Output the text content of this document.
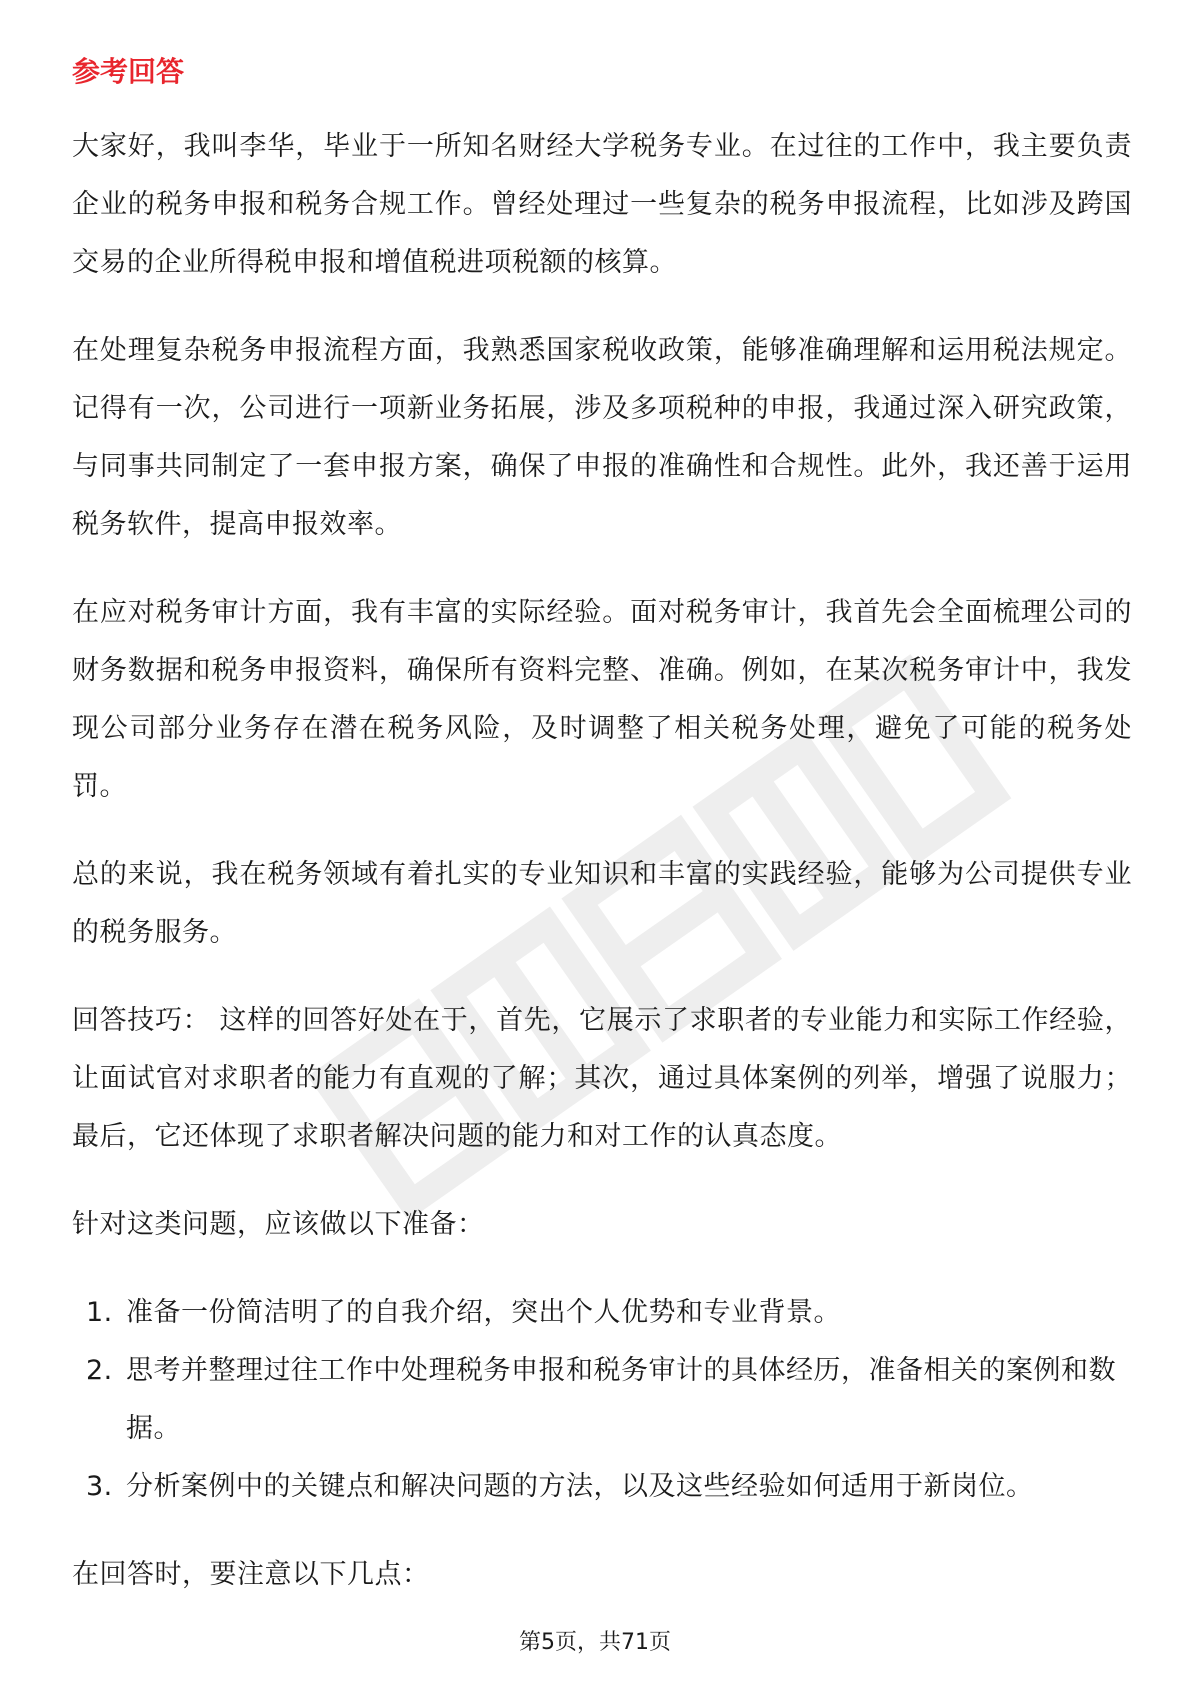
参考回答

大家好，我叫李华，毕业于一所知名财经大学税务专业。在过往的工作中，我主要负责企业的税务申报和税务合规工作。曾经处理过一些复杂的税务申报流程，比如涉及跨国交易的企业所得税申报和增值税进项税额的核算。

在处理复杂税务申报流程方面，我熟悉国家税收政策，能够准确理解和运用税法规定。记得有一次，公司进行一项新业务拓展，涉及多项税种的申报，我通过深入研究政策，与同事共同制定了一套申报方案，确保了申报的准确性和合规性。此外，我还善于运用税务软件，提高申报效率。

在应对税务审计方面，我有丰富的实际经验。面对税务审计，我首先会全面梳理公司的财务数据和税务申报资料，确保所有资料完整、准确。例如，在某次税务审计中，我发现公司部分业务存在潜在税务风险，及时调整了相关税务处理，避免了可能的税务处罚。

总的来说，我在税务领域有着扎实的专业知识和丰富的实践经验，能够为公司提供专业的税务服务。

回答技巧： 这样的回答好处在于，首先，它展示了求职者的专业能力和实际工作经验，让面试官对求职者的能力有直观的了解；其次，通过具体案例的列举，增强了说服力；最后，它还体现了求职者解决问题的能力和对工作的认真态度。

针对这类问题，应该做以下准备：

1. 准备一份简洁明了的自我介绍，突出个人优势和专业背景。
2. 思考并整理过往工作中处理税务申报和税务审计的具体经历，准备相关的案例和数据。
3. 分析案例中的关键点和解决问题的方法，以及这些经验如何适用于新岗位。

在回答时，要注意以下几点：

第5页，共71页
